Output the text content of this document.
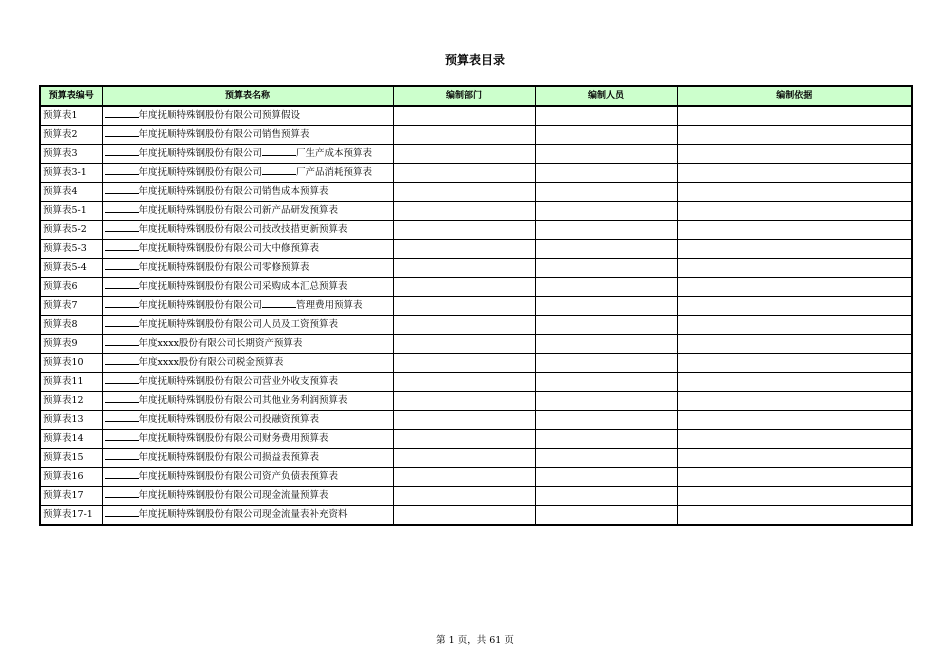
预算表目录
预算表编号	预算表名称	编制部门	编制人员	编制依据
预算表1	年度抚顺特殊钢股份有限公司预算假设			
预算表2	年度抚顺特殊钢股份有限公司销售预算表			
预算表3	年度抚顺特殊钢股份有限公司 厂生产成本预算表			
预算表3-1	年度抚顺特殊钢股份有限公司 厂产品消耗预算表			
预算表4	年度抚顺特殊钢股份有限公司销售成本预算表			
预算表5-1	年度抚顺特殊钢股份有限公司新产品研发预算表			
预算表5-2	年度抚顺特殊钢股份有限公司技改技措更新预算表			
预算表5-3	年度抚顺特殊钢股份有限公司大中修预算表			
预算表5-4	年度抚顺特殊钢股份有限公司零修预算表			
预算表6	年度抚顺特殊钢股份有限公司采购成本汇总预算表			
预算表7	年度抚顺特殊钢股份有限公司 管理费用预算表			
预算表8	年度抚顺特殊钢股份有限公司人员及工资预算表			
预算表9	年度xxxx股份有限公司长期资产预算表			
预算表10	年度xxxx股份有限公司税金预算表			
预算表11	年度抚顺特殊钢股份有限公司营业外收支预算表			
预算表12	年度抚顺特殊钢股份有限公司其他业务利润预算表			
预算表13	年度抚顺特殊钢股份有限公司投融资预算表			
预算表14	年度抚顺特殊钢股份有限公司财务费用预算表			
预算表15	年度抚顺特殊钢股份有限公司损益表预算表			
预算表16	年度抚顺特殊钢股份有限公司资产负债表预算表			
预算表17	年度抚顺特殊钢股份有限公司现金流量预算表			
预算表17-1	年度抚顺特殊钢股份有限公司现金流量表补充资料			
第 1 页，共 61 页
